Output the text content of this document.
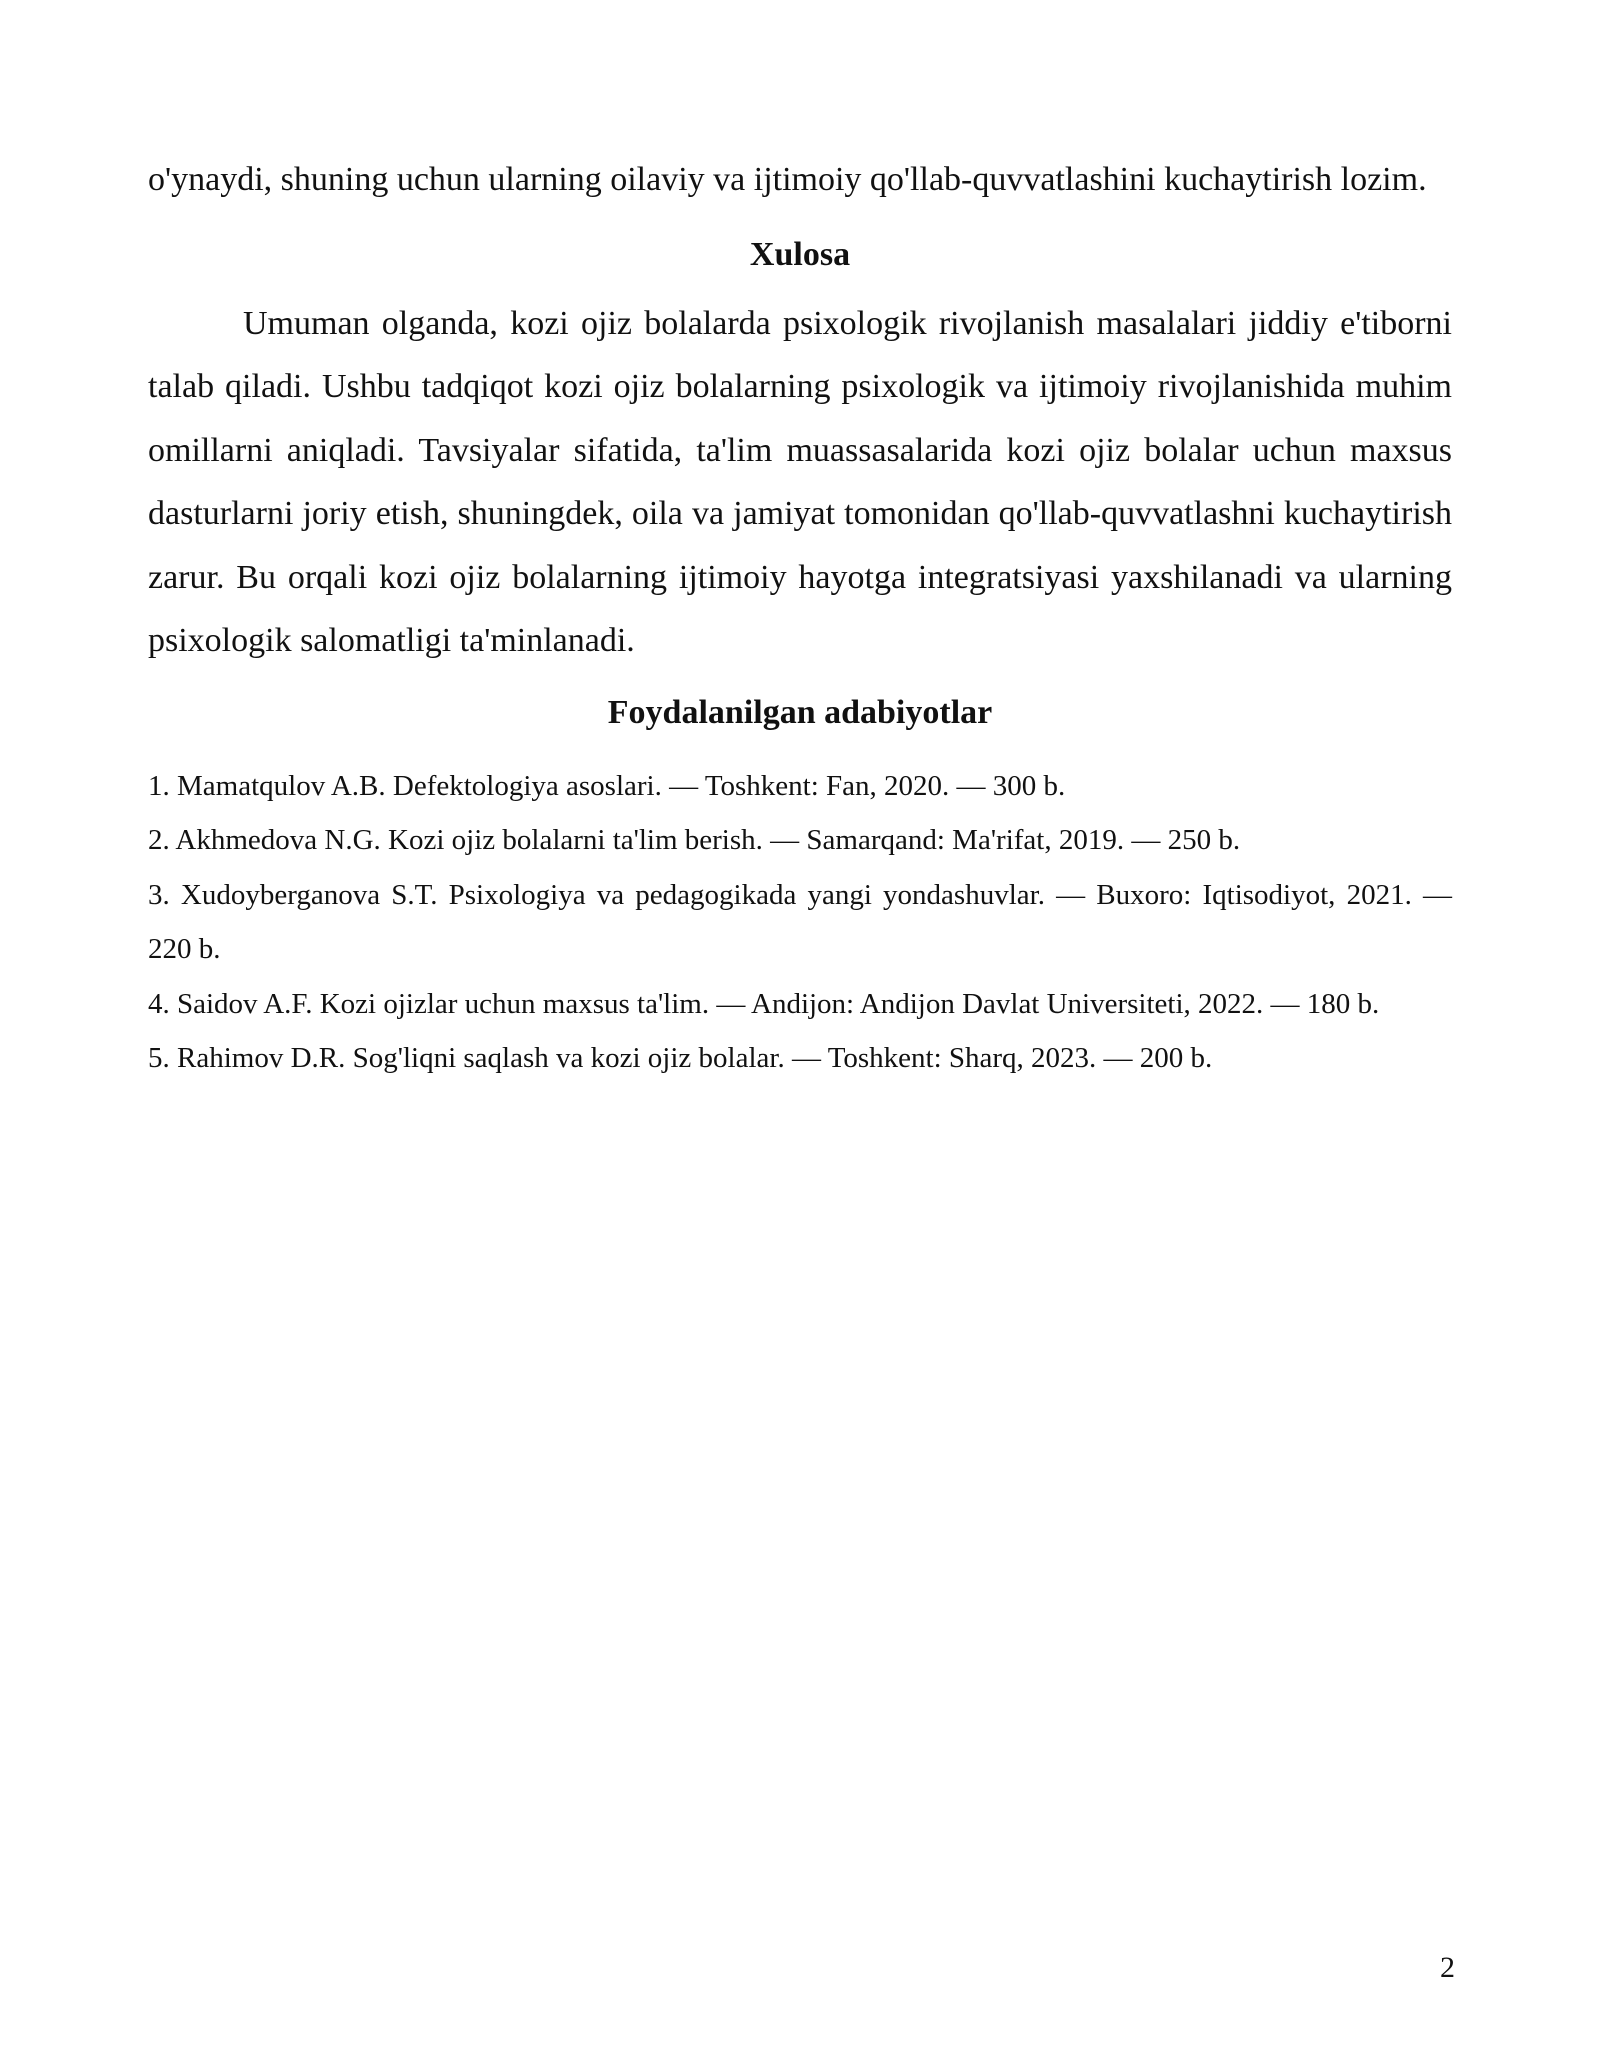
o'ynaydi, shuning uchun ularning oilaviy va ijtimoiy qo'llab-quvvatlashini kuchaytirish lozim.

Xulosa

Umuman olganda, kozi ojiz bolalarda psixologik rivojlanish masalalari jiddiy e'tiborni talab qiladi. Ushbu tadqiqot kozi ojiz bolalarning psixologik va ijtimoiy rivojlanishida muhim omillarni aniqladi. Tavsiyalar sifatida, ta'lim muassasalarida kozi ojiz bolalar uchun maxsus dasturlarni joriy etish, shuningdek, oila va jamiyat tomonidan qo'llab-quvvatlashni kuchaytirish zarur. Bu orqali kozi ojiz bolalarning ijtimoiy hayotga integratsiyasi yaxshilanadi va ularning psixologik salomatligi ta'minlanadi.

Foydalanilgan adabiyotlar
1. Mamatqulov A.B. Defektologiya asoslari. — Toshkent: Fan, 2020. — 300 b.
2. Akhmedova N.G. Kozi ojiz bolalarni ta'lim berish. — Samarqand: Ma'rifat, 2019. — 250 b.
3. Xudoyberganova S.T. Psixologiya va pedagogikada yangi yondashuvlar. — Buxoro: Iqtisodiyot, 2021. — 220 b.
4. Saidov A.F. Kozi ojizlar uchun maxsus ta'lim. — Andijon: Andijon Davlat Universiteti, 2022. — 180 b.
5. Rahimov D.R. Sog'liqni saqlash va kozi ojiz bolalar. — Toshkent: Sharq, 2023. — 200 b.
2
